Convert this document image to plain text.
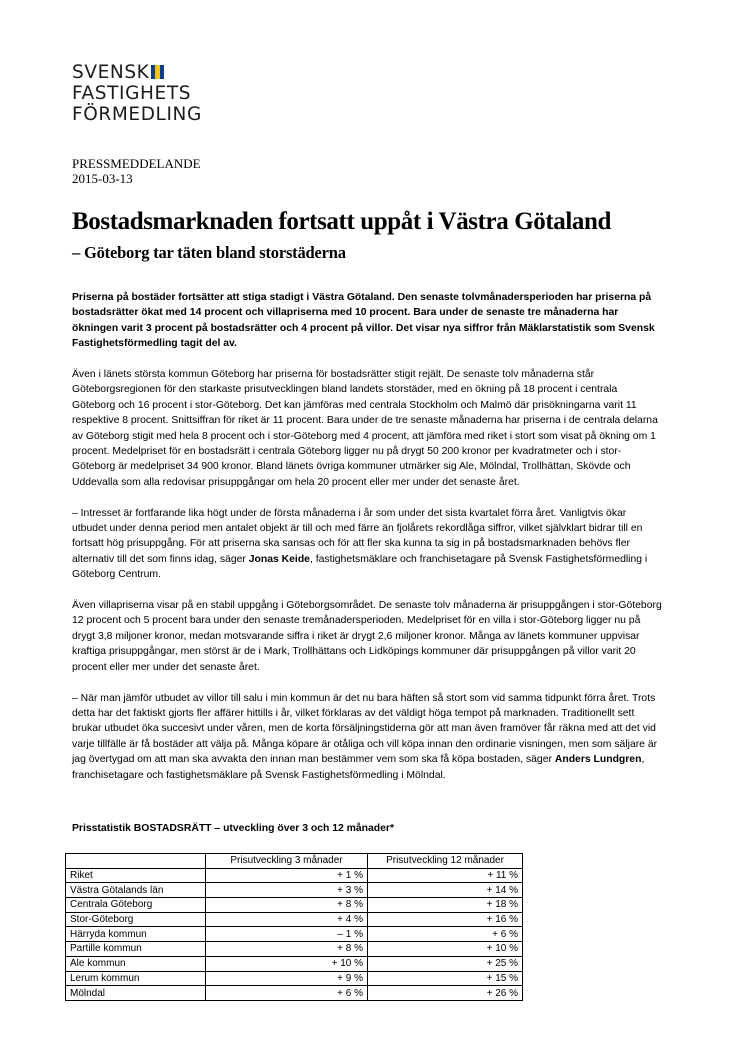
SVENSK
FASTIGHETS
FÖRMEDLING
PRESSMEDDELANDE
2015-03-13
Bostadsmarknaden fortsatt uppåt i Västra Götaland
– Göteborg tar täten bland storstäderna

Priserna på bostäder fortsätter att stiga stadigt i Västra Götaland. Den senaste tolvmånadersperioden har priserna på bostadsrätter ökat med 14 procent och villapriserna med 10 procent. Bara under de senaste tre månaderna har ökningen varit 3 procent på bostadsrätter och 4 procent på villor. Det visar nya siffror från Mäklarstatistik som Svensk Fastighetsförmedling tagit del av.

Även i länets största kommun Göteborg har priserna för bostadsrätter stigit rejält. De senaste tolv månaderna står Göteborgsregionen för den starkaste prisutvecklingen bland landets storstäder, med en ökning på 18 procent i centrala Göteborg och 16 procent i stor-Göteborg. Det kan jämföras med centrala Stockholm och Malmö där prisökningarna varit 11 respektive 8 procent. Snittsiffran för riket är 11 procent. Bara under de tre senaste månaderna har priserna i de centrala delarna av Göteborg stigit med hela 8 procent och i stor-Göteborg med 4 procent, att jämföra med riket i stort som visat på ökning om 1 procent. Medelpriset för en bostadsrätt i centrala Göteborg ligger nu på drygt 50 200 kronor per kvadratmeter och i stor-Göteborg är medelpriset 34 900 kronor. Bland länets övriga kommuner utmärker sig Ale, Mölndal, Trollhättan, Skövde och Uddevalla som alla redovisar prisuppgångar om hela 20 procent eller mer under det senaste året.

– Intresset är fortfarande lika högt under de första månaderna i år som under det sista kvartalet förra året. Vanligtvis ökar utbudet under denna period men antalet objekt är till och med färre än fjolårets rekordlåga siffror, vilket självklart bidrar till en fortsatt hög prisuppgång. För att priserna ska sansas och för att fler ska kunna ta sig in på bostadsmarknaden behövs fler alternativ till det som finns idag, säger Jonas Keide, fastighetsmäklare och franchisetagare på Svensk Fastighetsförmedling i Göteborg Centrum.

Även villapriserna visar på en stabil uppgång i Göteborgsområdet. De senaste tolv månaderna är prisuppgången i stor-Göteborg 12 procent och 5 procent bara under den senaste tremånadersperioden. Medelpriset för en villa i stor-Göteborg ligger nu på drygt 3,8 miljoner kronor, medan motsvarande siffra i riket är drygt 2,6 miljoner kronor. Många av länets kommuner uppvisar kraftiga prisuppgångar, men störst är de i Mark, Trollhättans och Lidköpings kommuner där prisuppgången på villor varit 20 procent eller mer under det senaste året.

– När man jämför utbudet av villor till salu i min kommun är det nu bara häften så stort som vid samma tidpunkt förra året. Trots detta har det faktiskt gjorts fler affärer hittills i år, vilket förklaras av det väldigt höga tempot på marknaden. Traditionellt sett brukar utbudet öka succesivt under våren, men de korta försäljningstiderna gör att man även framöver får räkna med att det vid varje tillfälle är få bostäder att välja på. Många köpare är otåliga och vill köpa innan den ordinarie visningen, men som säljare är jag övertygad om att man ska avvakta den innan man bestämmer vem som ska få köpa bostaden, säger Anders Lundgren, franchisetagare och fastighetsmäklare på Svensk Fastighetsförmedling i Mölndal.

Prisstatistik BOSTADSRÄTT – utveckling över 3 och 12 månader*
	Prisutveckling 3 månader	Prisutveckling 12 månader
Riket	+ 1 %	+ 11 %
Västra Götalands län	+ 3 %	+ 14 %
Centrala Göteborg	+ 8 %	+ 18 %
Stor-Göteborg	+ 4 %	+ 16 %
Härryda kommun	– 1 %	+ 6 %
Partille kommun	+ 8 %	+ 10 %
Ale kommun	+ 10 %	+ 25 %
Lerum kommun	+ 9 %	+ 15 %
Mölndal	+ 6 %	+ 26 %
